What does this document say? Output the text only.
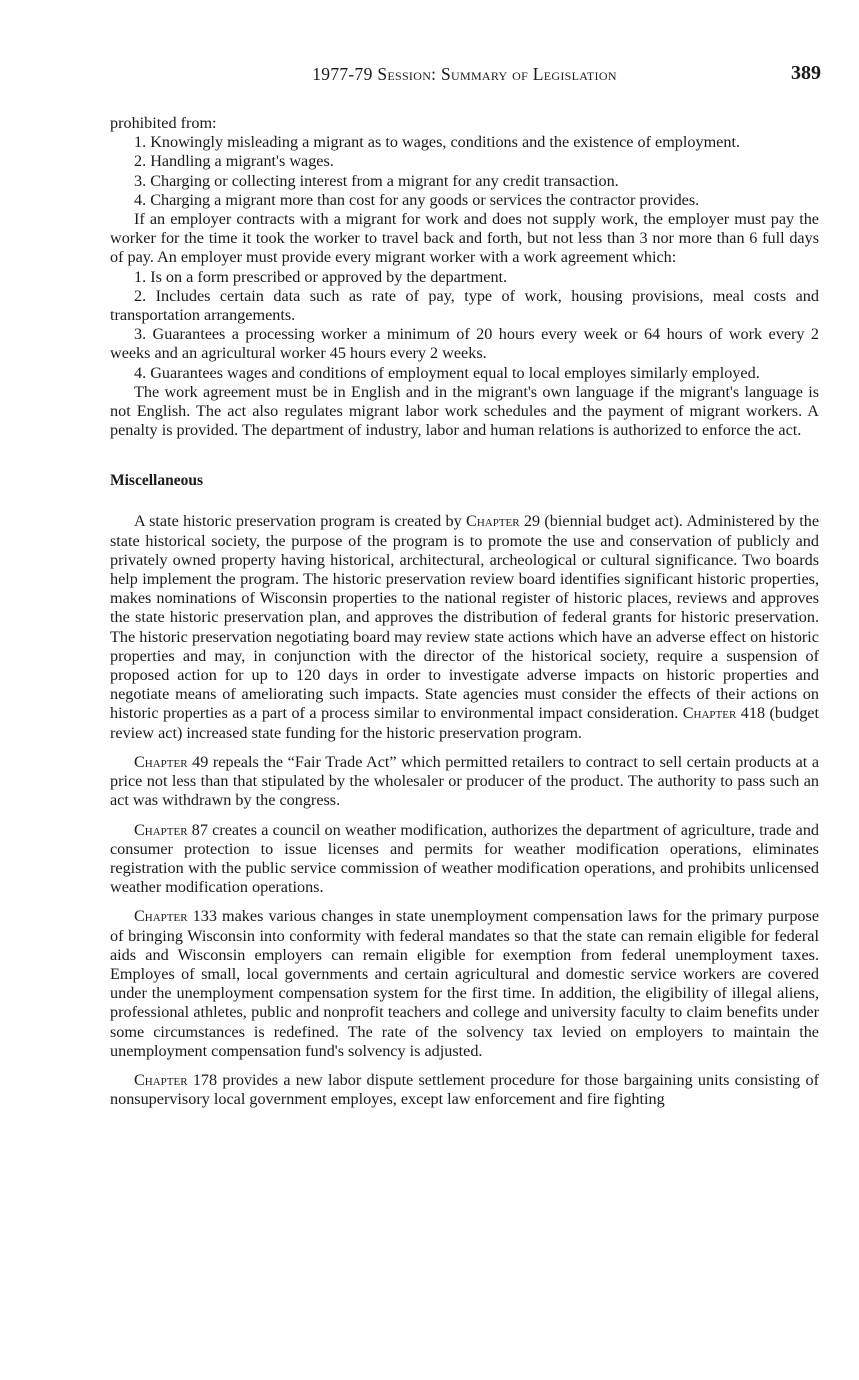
1977-79 Session: Summary of Legislation	389

prohibited from:

1. Knowingly misleading a migrant as to wages, conditions and the existence of employment.

2. Handling a migrant's wages.

3. Charging or collecting interest from a migrant for any credit transaction.

4. Charging a migrant more than cost for any goods or services the contractor provides.

If an employer contracts with a migrant for work and does not supply work, the employer must pay the worker for the time it took the worker to travel back and forth, but not less than 3 nor more than 6 full days of pay. An employer must provide every migrant worker with a work agreement which:

1. Is on a form prescribed or approved by the department.

2. Includes certain data such as rate of pay, type of work, housing provisions, meal costs and transportation arrangements.

3. Guarantees a processing worker a minimum of 20 hours every week or 64 hours of work every 2 weeks and an agricultural worker 45 hours every 2 weeks.

4. Guarantees wages and conditions of employment equal to local employes similarly employed.

The work agreement must be in English and in the migrant's own language if the migrant's language is not English. The act also regulates migrant labor work schedules and the payment of migrant workers. A penalty is provided. The department of industry, labor and human relations is authorized to enforce the act.

Miscellaneous

A state historic preservation program is created by Chapter 29 (biennial budget act). Administered by the state historical society, the purpose of the program is to promote the use and conservation of publicly and privately owned property having historical, architectural, archeological or cultural significance. Two boards help implement the program. The historic preservation review board identifies significant historic properties, makes nominations of Wisconsin properties to the national register of historic places, reviews and approves the state historic preservation plan, and approves the distribution of federal grants for historic preservation. The historic preservation negotiating board may review state actions which have an adverse effect on historic properties and may, in conjunction with the director of the historical society, require a suspension of proposed action for up to 120 days in order to investigate adverse impacts on historic properties and negotiate means of ameliorating such impacts. State agencies must consider the effects of their actions on historic properties as a part of a process similar to environmental impact consideration. Chapter 418 (budget review act) increased state funding for the historic preservation program.

Chapter 49 repeals the “Fair Trade Act” which permitted retailers to contract to sell certain products at a price not less than that stipulated by the wholesaler or producer of the product. The authority to pass such an act was withdrawn by the congress.

Chapter 87 creates a council on weather modification, authorizes the department of agriculture, trade and consumer protection to issue licenses and permits for weather modification operations, eliminates registration with the public service commission of weather modification operations, and prohibits unlicensed weather modification operations.

Chapter 133 makes various changes in state unemployment compensation laws for the primary purpose of bringing Wisconsin into conformity with federal mandates so that the state can remain eligible for federal aids and Wisconsin employers can remain eligible for exemption from federal unemployment taxes. Employes of small, local governments and certain agricultural and domestic service workers are covered under the unemployment compensation system for the first time. In addition, the eligibility of illegal aliens, professional athletes, public and nonprofit teachers and college and university faculty to claim benefits under some circumstances is redefined. The rate of the solvency tax levied on employers to maintain the unemployment compensation fund's solvency is adjusted.

Chapter 178 provides a new labor dispute settlement procedure for those bargaining units consisting of nonsupervisory local government employes, except law enforcement and fire fighting
